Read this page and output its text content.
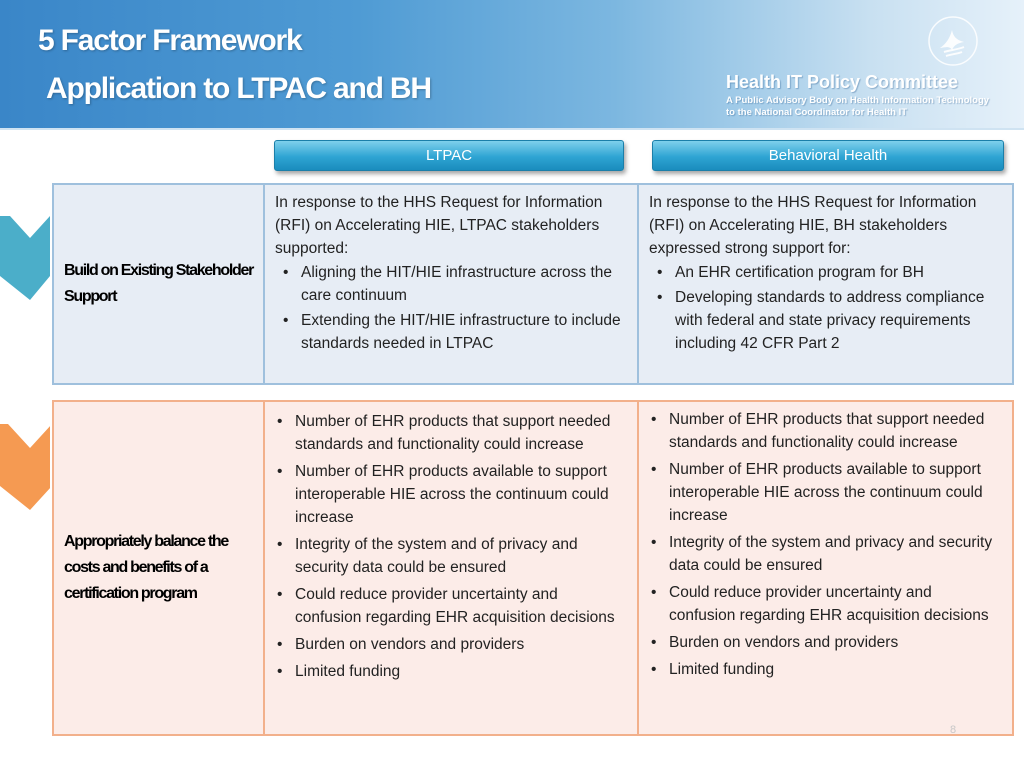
5 Factor Framework
Application to LTPAC and BH	Health IT Policy Committee
A Public Advisory Body on Health Information Technology
to the National Coordinator for Health IT
LTPAC	Behavioral Health
Build on Existing Stakeholder Support
In response to the HHS Request for Information (RFI) on Accelerating HIE, LTPAC stakeholders supported:
• Aligning the HIT/HIE infrastructure across the care continuum
• Extending the HIT/HIE infrastructure to include standards needed in LTPAC
In response to the HHS Request for Information (RFI) on Accelerating HIE, BH stakeholders expressed strong support for:
• An EHR certification program for BH
• Developing standards to address compliance with federal and state privacy requirements including 42 CFR Part 2
Appropriately balance the costs and benefits of a certification program
• Number of EHR products that support needed standards and functionality could increase
• Number of EHR products available to support interoperable HIE across the continuum could increase
• Integrity of the system and of privacy and security data could be ensured
• Could reduce provider uncertainty and confusion regarding EHR acquisition decisions
• Burden on vendors and providers
• Limited funding
• Number of EHR products that support needed standards and functionality could increase
• Number of EHR products available to support interoperable HIE across the continuum could increase
• Integrity of the system and privacy and security data could be ensured
• Could reduce provider uncertainty and confusion regarding EHR acquisition decisions
• Burden on vendors and providers
• Limited funding
8
